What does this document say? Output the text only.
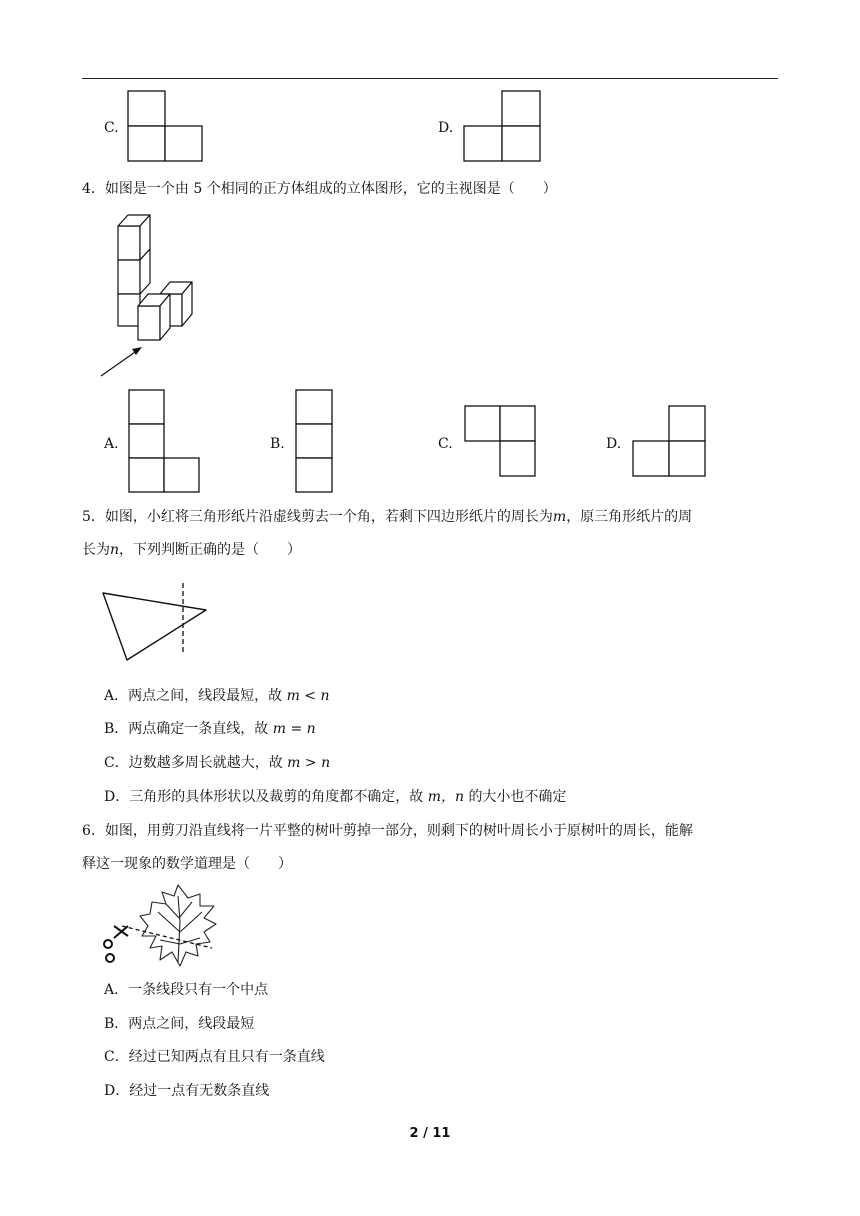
C.	D.
4．如图是一个由 5 个相同的正方体组成的立体图形，它的主视图是（　　）
A.	B.	C.	D.
5．如图，小红将三角形纸片沿虚线剪去一个角，若剩下四边形纸片的周长为m，原三角形纸片的周
长为n，下列判断正确的是（　　）
A．两点之间，线段最短，故 m < n
B．两点确定一条直线，故 m = n
C．边数越多周长就越大，故 m > n
D．三角形的具体形状以及裁剪的角度都不确定，故 m，n 的大小也不确定
6．如图，用剪刀沿直线将一片平整的树叶剪掉一部分，则剩下的树叶周长小于原树叶的周长，能解
释这一现象的数学道理是（　　）
A．一条线段只有一个中点
B．两点之间，线段最短
C．经过已知两点有且只有一条直线
D．经过一点有无数条直线
2 / 11
